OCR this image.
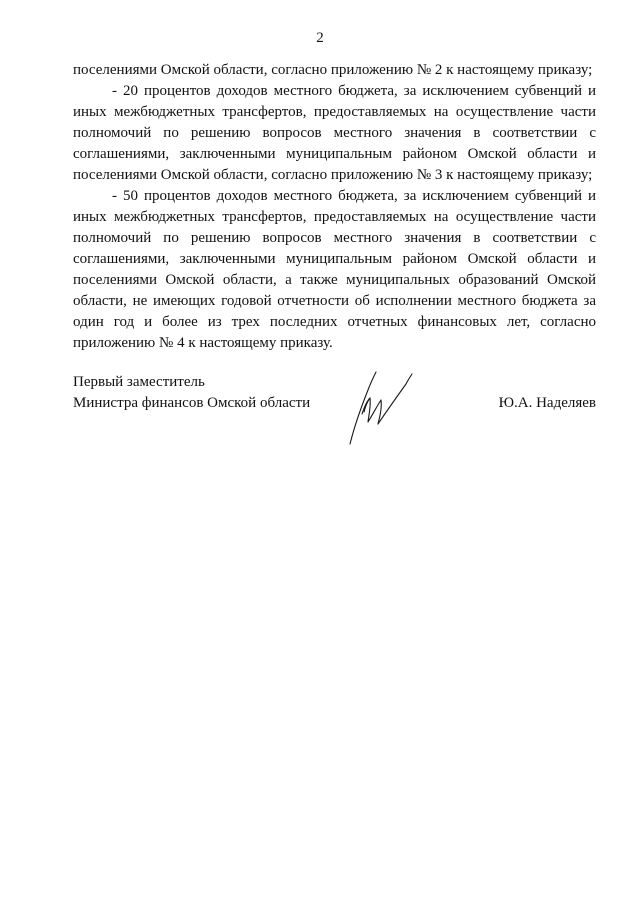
2

поселениями Омской области, согласно приложению № 2 к настоящему приказу;

- 20 процентов доходов местного бюджета, за исключением субвенций и иных межбюджетных трансфертов, предоставляемых на осуществление части полномочий по решению вопросов местного значения в соответствии с соглашениями, заключенными муниципальным районом Омской области и поселениями Омской области, согласно приложению № 3 к настоящему приказу;

- 50 процентов доходов местного бюджета, за исключением субвенций и иных межбюджетных трансфертов, предоставляемых на осуществление части полномочий по решению вопросов местного значения в соответствии с соглашениями, заключенными муниципальным районом Омской области и поселениями Омской области, а также муниципальных образований Омской области, не имеющих годовой отчетности об исполнении местного бюджета за один год и более из трех последних отчетных финансовых лет, согласно приложению № 4 к настоящему приказу.

Первый заместитель
Министра финансов Омской области	Ю.А. Наделяев
